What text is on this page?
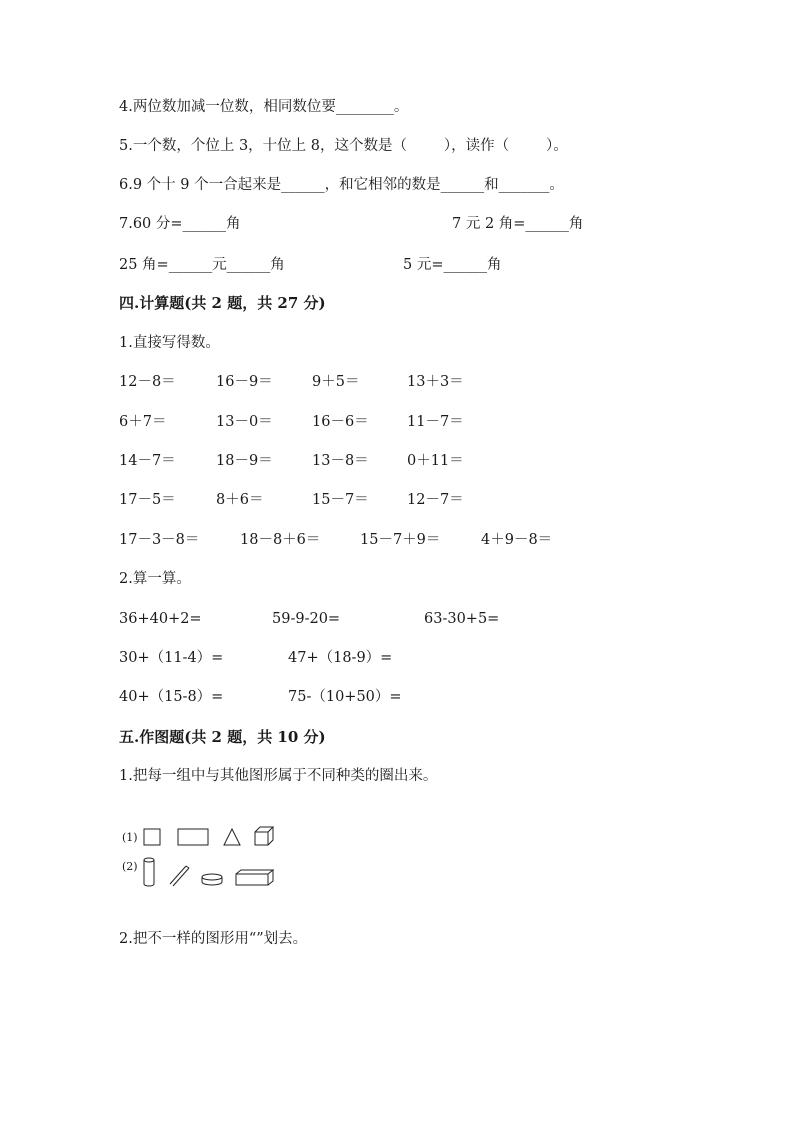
4.两位数加减一位数，相同数位要________。
5.一个数，个位上 3，十位上 8，这个数是（        ），读作（        ）。
6.9 个十 9 个一合起来是______，和它相邻的数是______和_______。
7.60 分=______角	7 元 2 角=______角
25 角=______元______角	5 元=______角
四.计算题(共 2 题，共 27 分)
1.直接写得数。
12－8＝	16－9＝	9＋5＝	13＋3＝
6＋7＝	13－0＝	16－6＝	11－7＝
14－7＝	18－9＝	13－8＝	0＋11＝
17－5＝	8＋6＝	15－7＝	12－7＝
17－3－8＝	18－8＋6＝	15－7＋9＝	4＋9－8＝
2.算一算。
36+40+2=	59-9-20=	63-30+5=
30+（11-4）=	47+（18-9）=
40+（15-8）=	75-（10+50）=
五.作图题(共 2 题，共 10 分)
1.把每一组中与其他图形属于不同种类的圈出来。
(1)
(2)
2.把不一样的图形用“”划去。
